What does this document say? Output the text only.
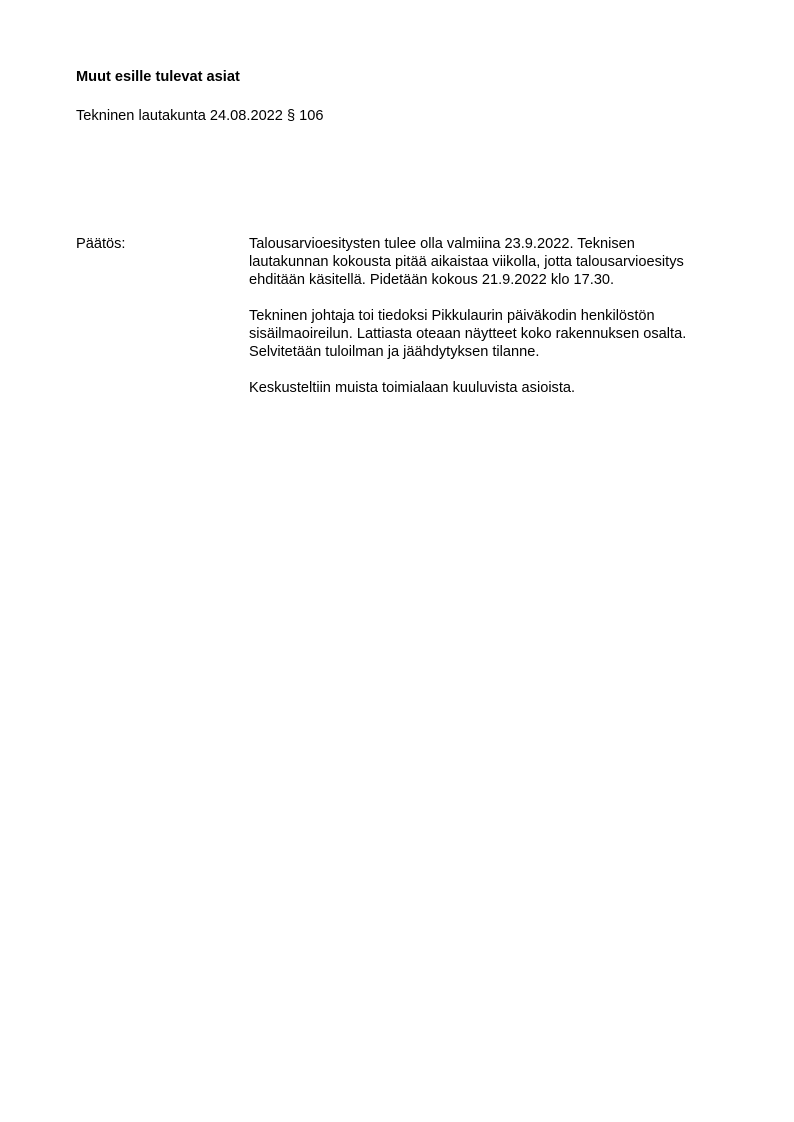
Muut esille tulevat asiat
Tekninen lautakunta 24.08.2022 § 106
Päätös:	Talousarvioesitysten tulee olla valmiina 23.9.2022. Teknisen
lautakunnan kokousta pitää aikaistaa viikolla, jotta talousarvioesitys
ehditään käsitellä. Pidetään kokous 21.9.2022 klo 17.30.
Tekninen johtaja toi tiedoksi Pikkulaurin päiväkodin henkilöstön
sisäilmaoireilun. Lattiasta oteaan näytteet koko rakennuksen osalta.
Selvitetään tuloilman ja jäähdytyksen tilanne.
Keskusteltiin muista toimialaan kuuluvista asioista.
